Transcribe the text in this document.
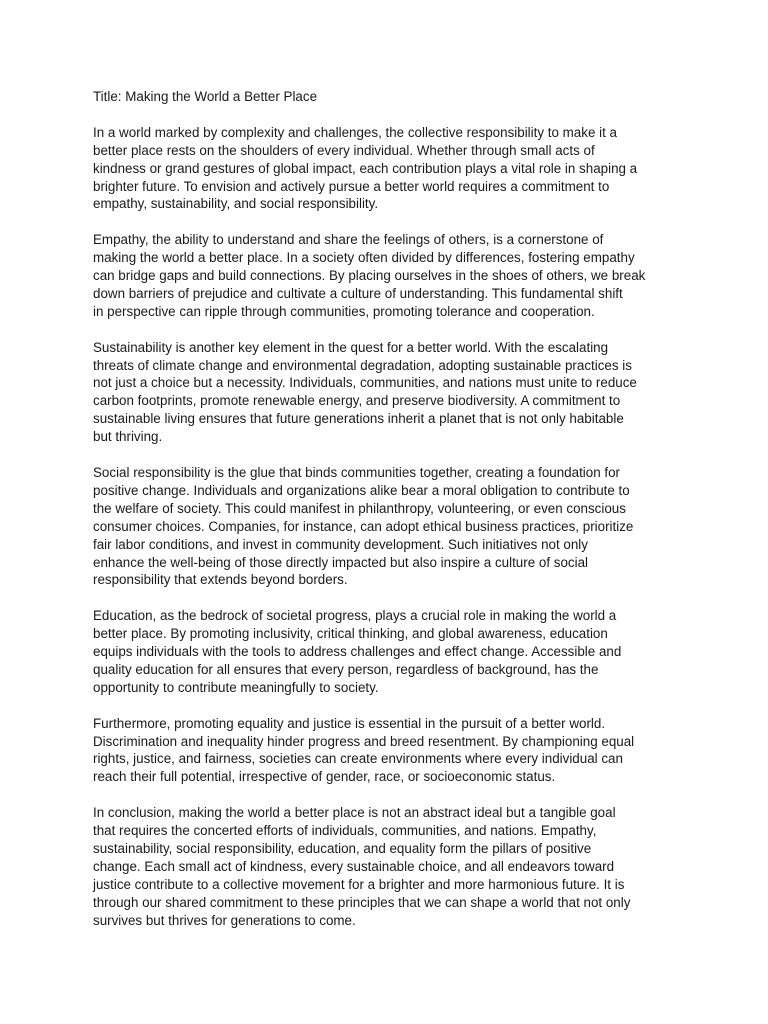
Title: Making the World a Better Place

In a world marked by complexity and challenges, the collective responsibility to make it a
better place rests on the shoulders of every individual. Whether through small acts of
kindness or grand gestures of global impact, each contribution plays a vital role in shaping a
brighter future. To envision and actively pursue a better world requires a commitment to
empathy, sustainability, and social responsibility.

Empathy, the ability to understand and share the feelings of others, is a cornerstone of
making the world a better place. In a society often divided by differences, fostering empathy
can bridge gaps and build connections. By placing ourselves in the shoes of others, we break
down barriers of prejudice and cultivate a culture of understanding. This fundamental shift
in perspective can ripple through communities, promoting tolerance and cooperation.

Sustainability is another key element in the quest for a better world. With the escalating
threats of climate change and environmental degradation, adopting sustainable practices is
not just a choice but a necessity. Individuals, communities, and nations must unite to reduce
carbon footprints, promote renewable energy, and preserve biodiversity. A commitment to
sustainable living ensures that future generations inherit a planet that is not only habitable
but thriving.

Social responsibility is the glue that binds communities together, creating a foundation for
positive change. Individuals and organizations alike bear a moral obligation to contribute to
the welfare of society. This could manifest in philanthropy, volunteering, or even conscious
consumer choices. Companies, for instance, can adopt ethical business practices, prioritize
fair labor conditions, and invest in community development. Such initiatives not only
enhance the well-being of those directly impacted but also inspire a culture of social
responsibility that extends beyond borders.

Education, as the bedrock of societal progress, plays a crucial role in making the world a
better place. By promoting inclusivity, critical thinking, and global awareness, education
equips individuals with the tools to address challenges and effect change. Accessible and
quality education for all ensures that every person, regardless of background, has the
opportunity to contribute meaningfully to society.

Furthermore, promoting equality and justice is essential in the pursuit of a better world.
Discrimination and inequality hinder progress and breed resentment. By championing equal
rights, justice, and fairness, societies can create environments where every individual can
reach their full potential, irrespective of gender, race, or socioeconomic status.

In conclusion, making the world a better place is not an abstract ideal but a tangible goal
that requires the concerted efforts of individuals, communities, and nations. Empathy,
sustainability, social responsibility, education, and equality form the pillars of positive
change. Each small act of kindness, every sustainable choice, and all endeavors toward
justice contribute to a collective movement for a brighter and more harmonious future. It is
through our shared commitment to these principles that we can shape a world that not only
survives but thrives for generations to come.
